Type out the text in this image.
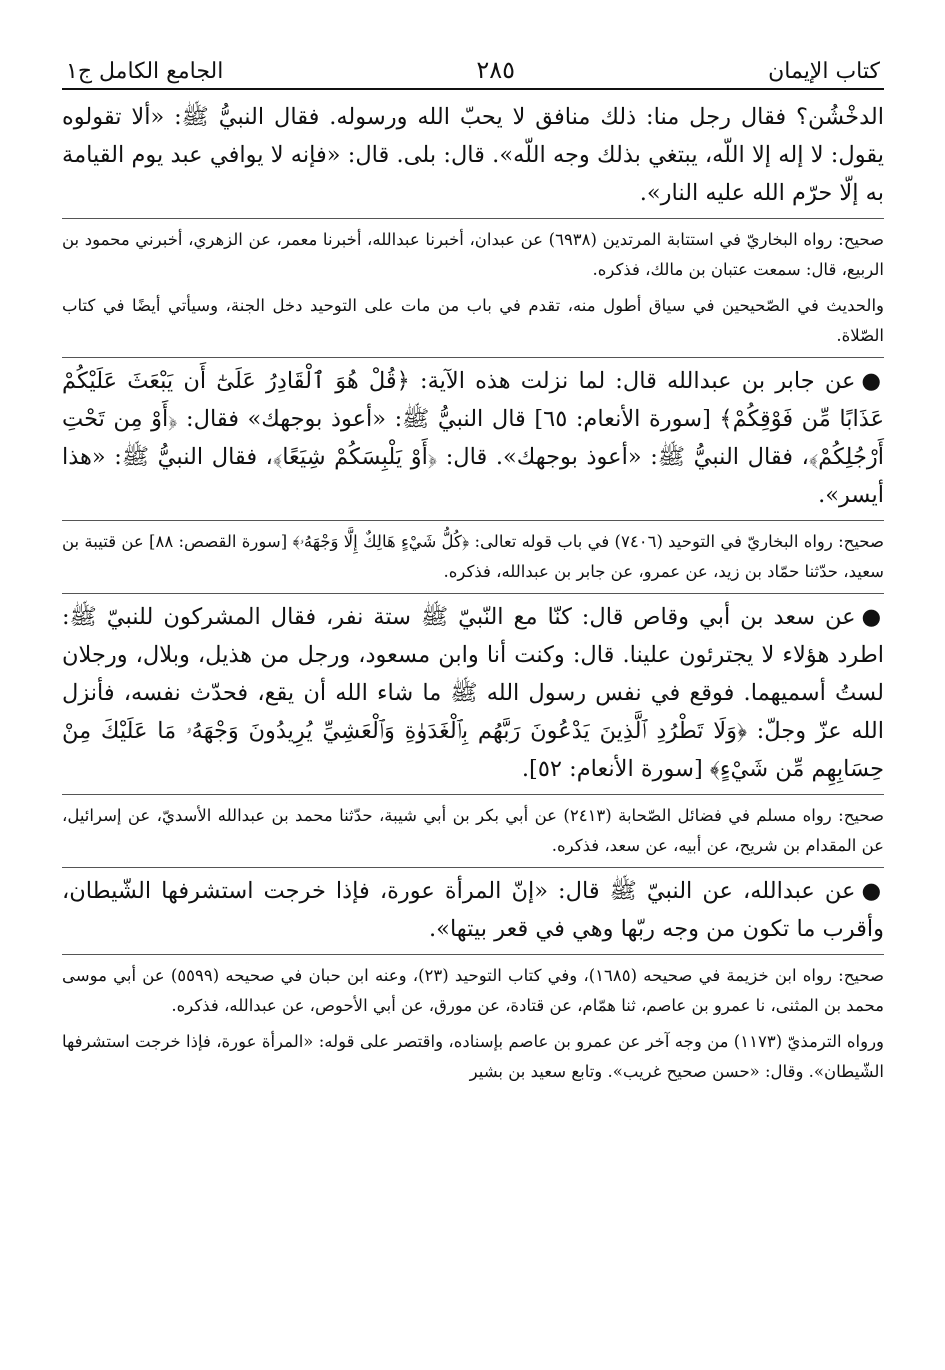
كتاب الإيمان
٢٨٥
الجامع الكامل ج١

الدخْشُن؟ فقال رجل منا: ذلك منافق لا يحبّ الله ورسوله. فقال النبيُّ ﷺ: «ألا تقولوه يقول: لا إله إلا اللّه، يبتغي بذلك وجه اللّه». قال: بلى. قال: «فإنه لا يوافي عبد يوم القيامة به إلّا حرّم الله عليه النار».

صحيح: رواه البخاريّ في استتابة المرتدين (٦٩٣٨) عن عبدان، أخبرنا عبدالله، أخبرنا معمر، عن الزهري، أخبرني محمود بن الربيع، قال: سمعت عتبان بن مالك، فذكره.

والحديث في الصّحيحين في سياق أطول منه، تقدم في باب من مات على التوحيد دخل الجنة، وسيأتي أيضًا في كتاب الصّلاة.

●عن جابر بن عبدالله قال: لما نزلت هذه الآية: ﴿قُلْ هُوَ ٱلْقَادِرُ عَلَىٰٓ أَن يَبْعَثَ عَلَيْكُمْ عَذَابًا مِّن فَوْقِكُمْ﴾ [سورة الأنعام: ٦٥] قال النبيُّ ﷺ: «أعوذ بوجهك» فقال: ﴿أَوْ مِن تَحْتِ أَرْجُلِكُمْ﴾، فقال النبيُّ ﷺ: «أعوذ بوجهك». قال: ﴿أَوْ يَلْبِسَكُمْ شِيَعًا﴾، فقال النبيُّ ﷺ: «هذا أيسر».

صحيح: رواه البخاريّ في التوحيد (٧٤٠٦) في باب قوله تعالى: ﴿كُلُّ شَيْءٍ هَالِكٌ إِلَّا وَجْهَهُۥ﴾ [سورة القصص: ٨٨] عن قتيبة بن سعيد، حدّثنا حمّاد بن زيد، عن عمرو، عن جابر بن عبدالله، فذكره.

●عن سعد بن أبي وقاص قال: كنّا مع النّبيّ ﷺ ستة نفر، فقال المشركون للنبيّ ﷺ: اطرد هؤلاء لا يجترئون علينا. قال: وكنت أنا وابن مسعود، ورجل من هذيل، وبلال، ورجلان لستُ أسميهما. فوقع في نفس رسول الله ﷺ ما شاء الله أن يقع، فحدّث نفسه، فأنزل الله عزّ وجلّ: ﴿وَلَا تَطْرُدِ ٱلَّذِينَ يَدْعُونَ رَبَّهُم بِٱلْغَدَوٰةِ وَٱلْعَشِيِّ يُرِيدُونَ وَجْهَهُۥ مَا عَلَيْكَ مِنْ حِسَابِهِم مِّن شَيْءٍ﴾ [سورة الأنعام: ٥٢].

صحيح: رواه مسلم في فضائل الصّحابة (٢٤١٣) عن أبي بكر بن أبي شيبة، حدّثنا محمد بن عبدالله الأسديّ، عن إسرائيل، عن المقدام بن شريح، عن أبيه، عن سعد، فذكره.

●عن عبدالله، عن النبيّ ﷺ قال: «إنّ المرأة عورة، فإذا خرجت استشرفها الشّيطان، وأقرب ما تكون من وجه ربّها وهي في قعر بيتها».

صحيح: رواه ابن خزيمة في صحيحه (١٦٨٥)، وفي كتاب التوحيد (٢٣)، وعنه ابن حبان في صحيحه (٥٥٩٩) عن أبي موسى محمد بن المثنى، نا عمرو بن عاصم، ثنا همّام، عن قتادة، عن مورق، عن أبي الأحوص، عن عبدالله، فذكره.

ورواه الترمذيّ (١١٧٣) من وجه آخر عن عمرو بن عاصم بإسناده، واقتصر على قوله: «المرأة عورة، فإذا خرجت استشرفها الشّيطان». وقال: «حسن صحيح غريب». وتابع سعيد بن بشير
